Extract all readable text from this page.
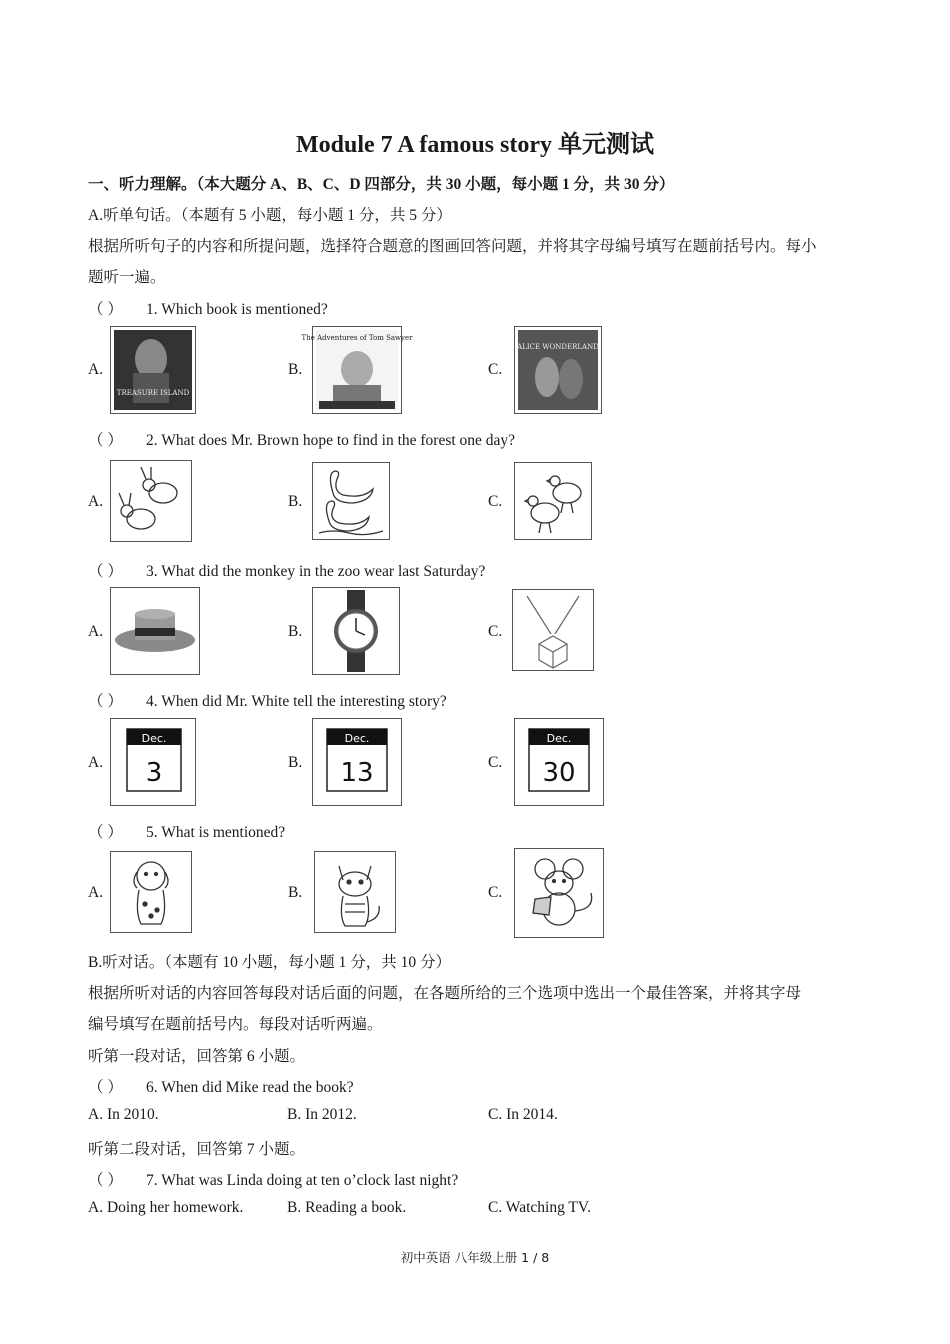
Module 7 A famous story 单元测试
一、听力理解。（本大题分 A、B、C、D 四部分，共 30 小题，每小题 1 分，共 30 分）
A.听单句话。（本题有 5 小题，每小题 1 分，共 5 分）
根据所听句子的内容和所提问题，选择符合题意的图画回答问题，并将其字母编号填写在题前括号内。每小
题听一遍。
（ ） 1. Which book is mentioned?
A.
TREASURE ISLAND
B.
The Adventures of Tom Sawyer
C.
ALICE WONDERLAND
（ ） 2. What does Mr. Brown hope to find in the forest one day?
A.	B.	C.
（ ） 3. What did the monkey in the zoo wear last Saturday?
A.	B.	C.
（ ） 4. When did Mr. White tell the interesting story?
A.
Dec.
3	B.
Dec.
13	C.
Dec.
30
（ ） 5. What is mentioned?
A.	B.	C.
B.听对话。（本题有 10 小题，每小题 1 分，共 10 分）
根据所听对话的内容回答每段对话后面的问题，在各题所给的三个选项中选出一个最佳答案，并将其字母
编号填写在题前括号内。每段对话听两遍。
听第一段对话，回答第 6 小题。
（ ） 6. When did Mike read the book?
A. In 2010.	B. In 2012.	C. In 2014.
听第二段对话，回答第 7 小题。
（ ） 7. What was Linda doing at ten o’clock last night?
A. Doing her homework.	B. Reading a book.	C. Watching TV.
初中英语 八年级上册 1 / 8
